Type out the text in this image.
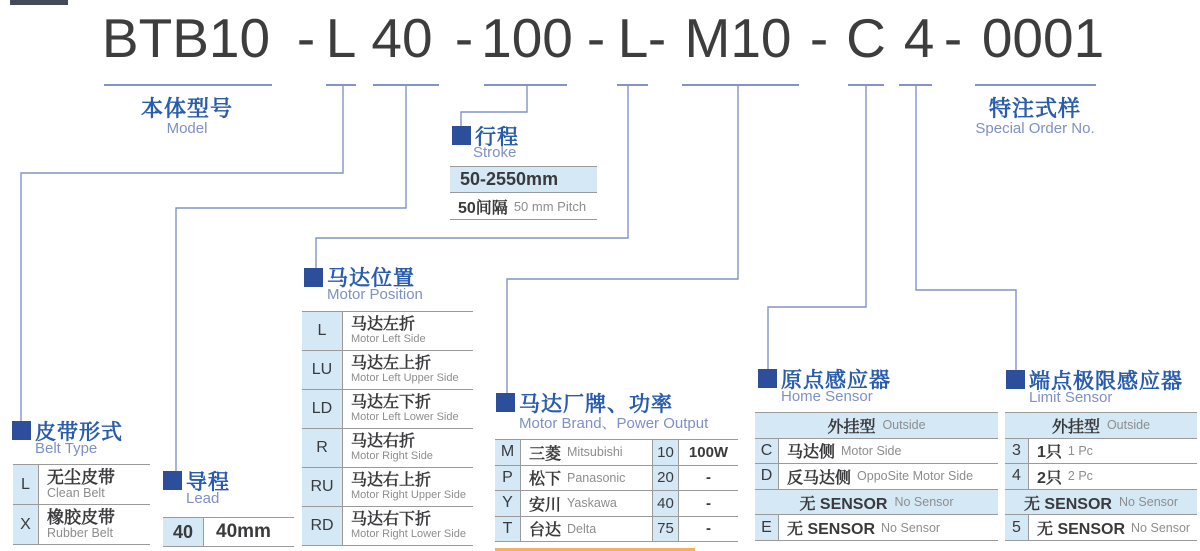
BTB10 - L 40 - 100 - L - M10 - C 4 - 0001
本体型号
Model
特注式样
Special Order No.
行程
Stroke
50-2550mm
50间隔 50 mm Pitch
马达位置
Motor Position
L	马达左折
Motor Left Side
LU	马达左上折
Motor Left Upper Side
LD	马达左下折
Motor Left Lower Side
R	马达右折
Motor Right Side
RU	马达右上折
Motor Right Upper Side
RD	马达右下折
Motor Right Lower Side
皮带形式
Belt Type
L	无尘皮带
Clean Belt
X 橡胶皮带
Rubber Belt
导程
Lead
40	40mm
马达厂牌、功率
Motor Brand、Power Output
M 三菱 Mitsubishi	10	100W
P	松下 Panasonic	20	-
Y	安川 Yaskawa	40	-
T	台达 Delta	75	-
原点感应器
Home Sensor
外挂型 Outside
C 马达侧 Motor Side
D 反马达侧 OppoSite Motor Side
无 SENSOR No Sensor
E 无 SENSOR No Sensor
端点极限感应器
Limit Sensor
外挂型 Outside
3	1只 1 Pc
4	2只 2 Pc
无 SENSOR No Sensor
5	无 SENSOR No Sensor
